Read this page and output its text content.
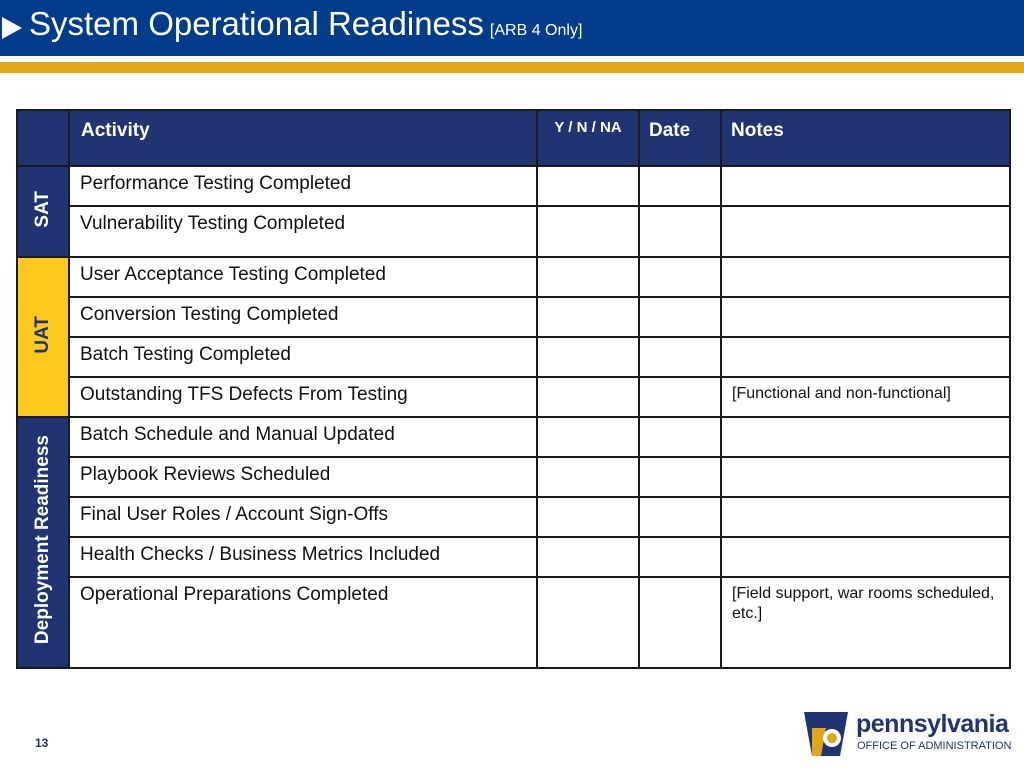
System Operational Readiness [ARB 4 Only]
	Activity	Y / N / NA	Date	Notes
SAT	Performance Testing Completed			
	Vulnerability Testing Completed			
UAT	User Acceptance Testing Completed			
	Conversion Testing Completed			
	Batch Testing Completed			
	Outstanding TFS Defects From Testing			[Functional and non-functional]
Deployment Readiness	Batch Schedule and Manual Updated			
	Playbook Reviews Scheduled			
	Final User Roles / Account Sign-Offs			
	Health Checks / Business Metrics Included			
	Operational Preparations Completed			[Field support, war rooms scheduled, etc.]
13
pennsylvania
OFFICE OF ADMINISTRATION
